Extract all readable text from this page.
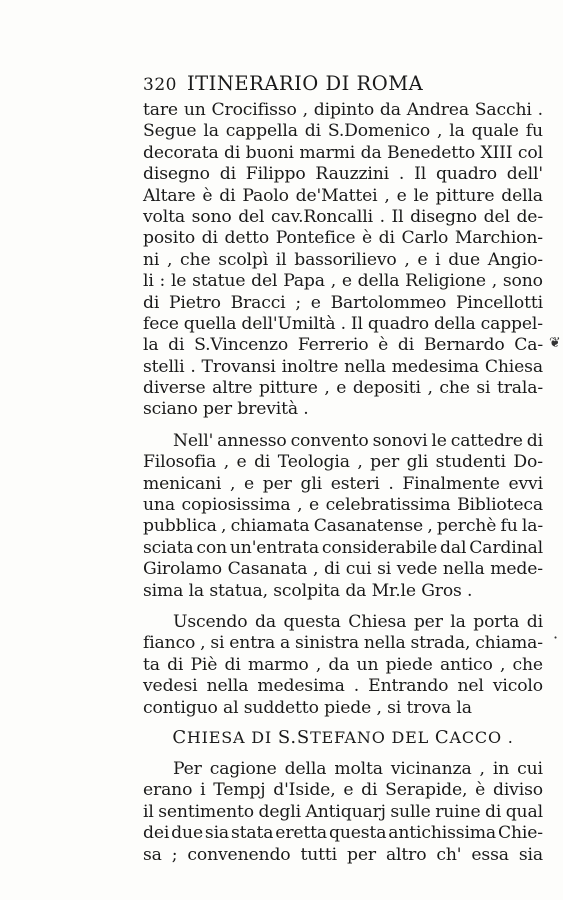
320 ITINERARIO DI ROMA
tare un Crocifisso , dipinto da Andrea Sacchi .
Segue la cappella di S.Domenico , la quale fu
decorata di buoni marmi da Benedetto XIII col
disegno di Filippo Rauzzini . Il quadro dell'
Altare è di Paolo de'Mattei , e le pitture della
volta sono del cav.Roncalli . Il disegno del de-
posito di detto Pontefice è di Carlo Marchion-
ni , che scolpì il bassorilievo , e i due Angio-
li : le statue del Papa , e della Religione , sono
di Pietro Bracci ; e Bartolommeo Pincellotti
fece quella dell'Umiltà . Il quadro della cappel-
la di S.Vincenzo Ferrerio è di Bernardo Ca-
stelli . Trovansi inoltre nella medesima Chiesa
diverse altre pitture , e depositi , che si trala-
sciano per brevità .
Nell' annesso convento sonovi le cattedre di
Filosofia , e di Teologia , per gli studenti Do-
menicani , e per gli esteri . Finalmente evvi
una copiosissima , e celebratissima Biblioteca
pubblica , chiamata Casanatense , perchè fu la-
sciata con un'entrata considerabile dal Cardinal
Girolamo Casanata , di cui si vede nella mede-
sima la statua, scolpita da Mr.le Gros .
Uscendo da questa Chiesa per la porta di
fianco , si entra a sinistra nella strada, chiama-
ta di Piè di marmo , da un piede antico , che
vedesi nella medesima . Entrando nel vicolo
contiguo al suddetto piede , si trova la
CHIESA DI S.STEFANO DEL CACCO .
Per cagione della molta vicinanza , in cui
erano i Tempj d'Iside, e di Serapide, è diviso
il sentimento degli Antiquarj sulle ruine di qual
dei due sia stata eretta questa antichissima Chie-
sa ; convenendo tutti per altro ch' essa sia
❦
·
